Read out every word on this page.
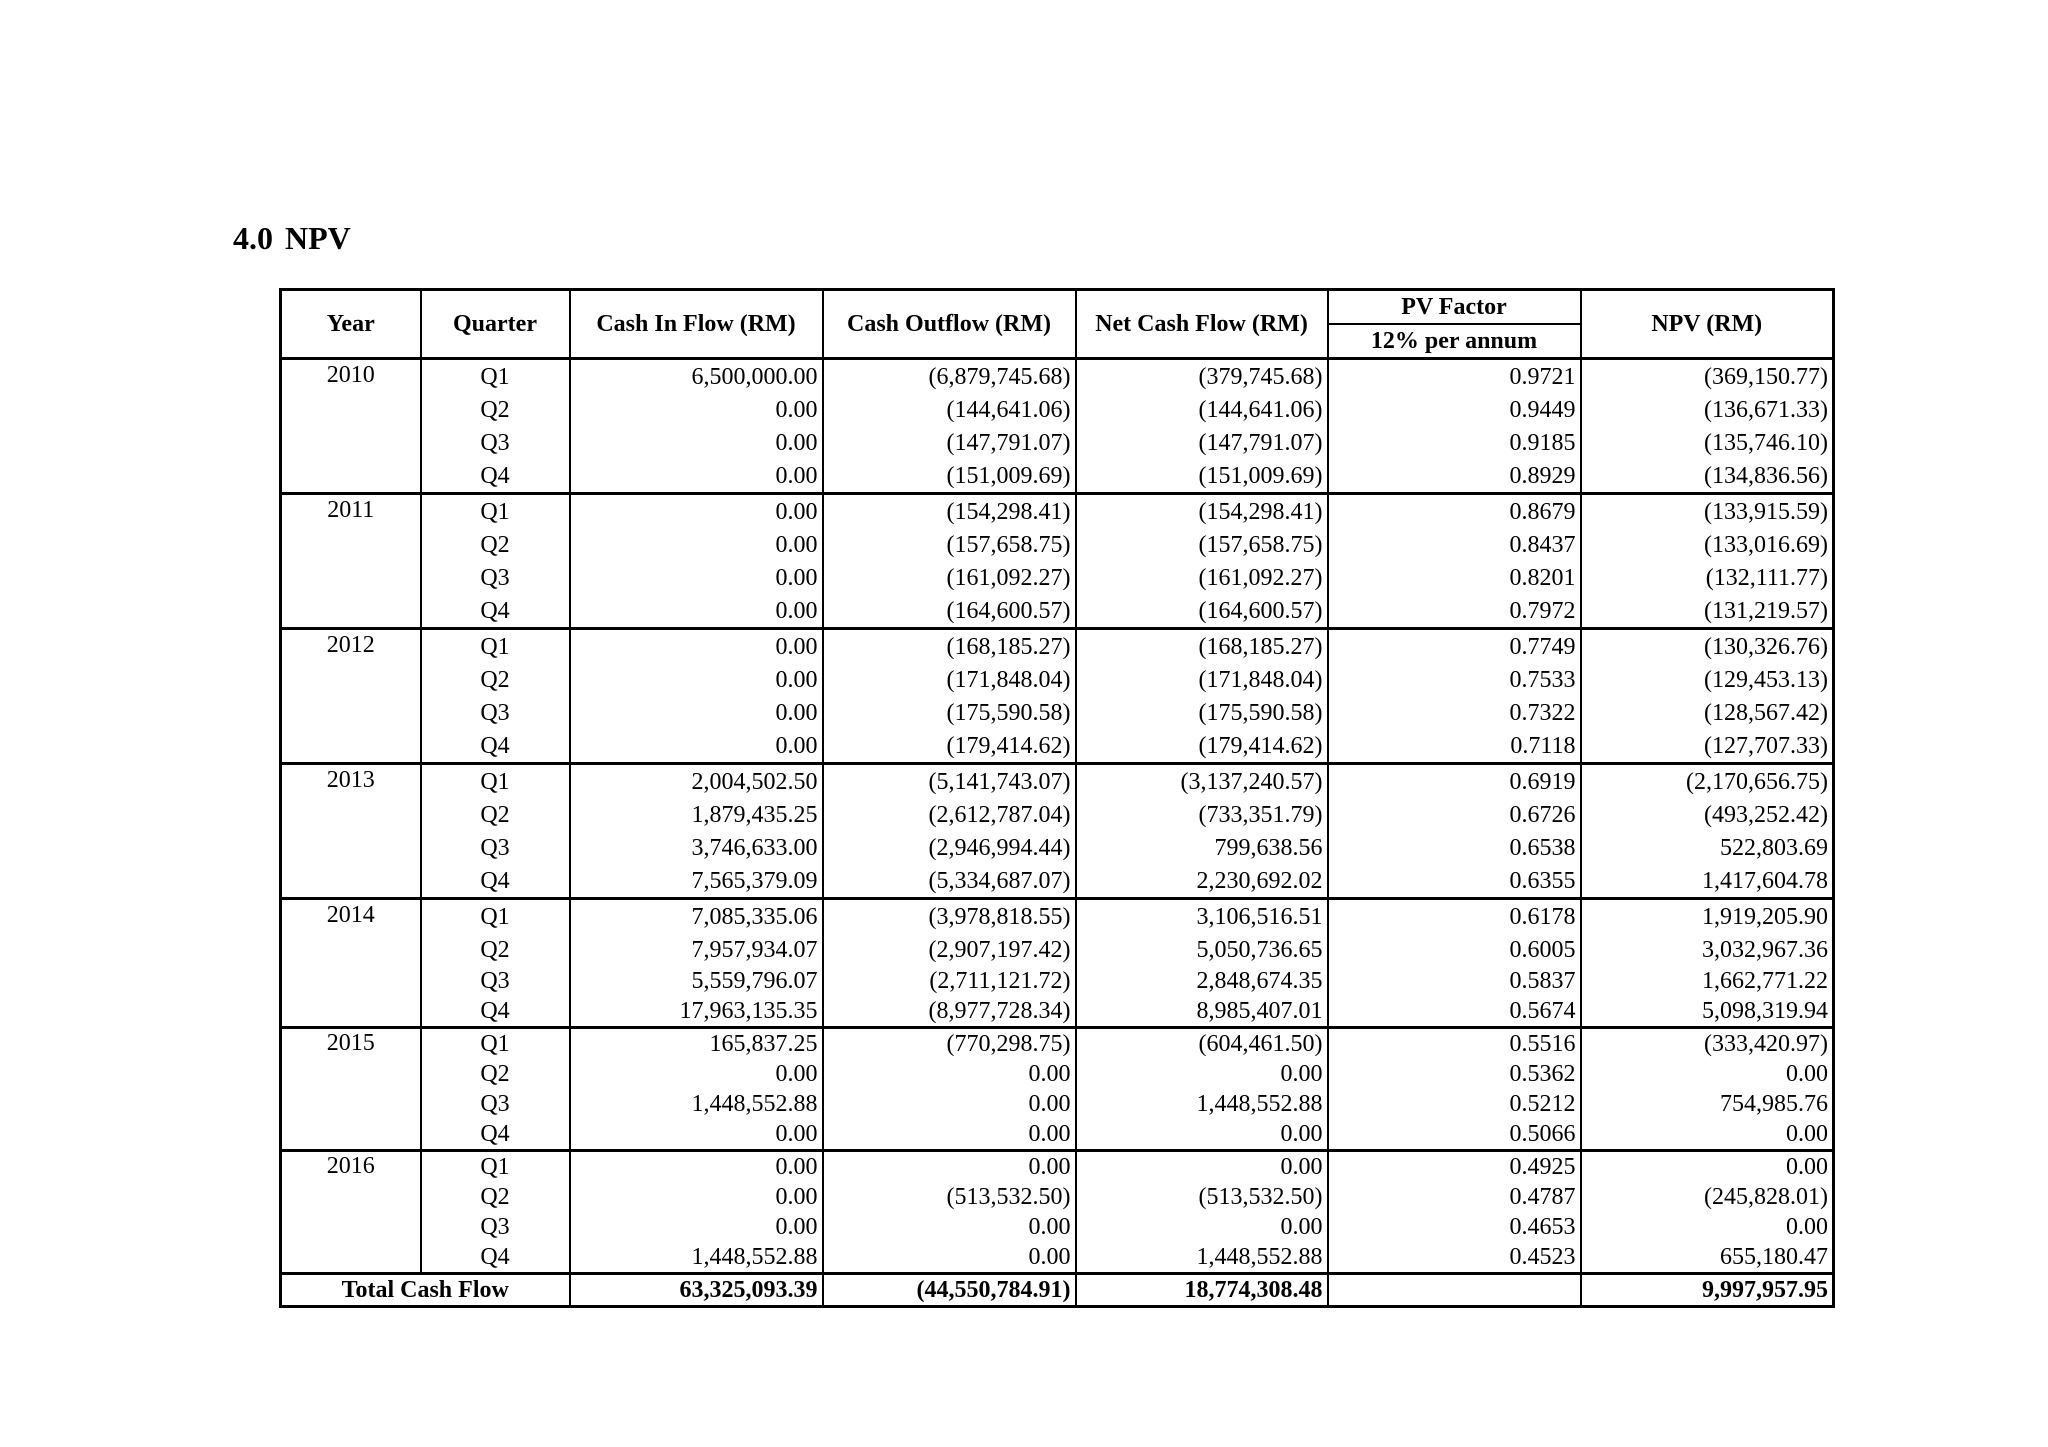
4.0 NPV
Year	Quarter	Cash In Flow (RM)	Cash Outflow (RM)	Net Cash Flow (RM)	PV Factor	NPV (RM)
					12% per annum	
2010	Q1	6,500,000.00	(6,879,745.68)	(379,745.68)	0.9721	(369,150.77)
	Q2	0.00	(144,641.06)	(144,641.06)	0.9449	(136,671.33)
	Q3	0.00	(147,791.07)	(147,791.07)	0.9185	(135,746.10)
	Q4	0.00	(151,009.69)	(151,009.69)	0.8929	(134,836.56)
2011	Q1	0.00	(154,298.41)	(154,298.41)	0.8679	(133,915.59)
	Q2	0.00	(157,658.75)	(157,658.75)	0.8437	(133,016.69)
	Q3	0.00	(161,092.27)	(161,092.27)	0.8201	(132,111.77)
	Q4	0.00	(164,600.57)	(164,600.57)	0.7972	(131,219.57)
2012	Q1	0.00	(168,185.27)	(168,185.27)	0.7749	(130,326.76)
	Q2	0.00	(171,848.04)	(171,848.04)	0.7533	(129,453.13)
	Q3	0.00	(175,590.58)	(175,590.58)	0.7322	(128,567.42)
	Q4	0.00	(179,414.62)	(179,414.62)	0.7118	(127,707.33)
2013	Q1	2,004,502.50	(5,141,743.07)	(3,137,240.57)	0.6919	(2,170,656.75)
	Q2	1,879,435.25	(2,612,787.04)	(733,351.79)	0.6726	(493,252.42)
	Q3	3,746,633.00	(2,946,994.44)	799,638.56	0.6538	522,803.69
	Q4	7,565,379.09	(5,334,687.07)	2,230,692.02	0.6355	1,417,604.78
2014	Q1	7,085,335.06	(3,978,818.55)	3,106,516.51	0.6178	1,919,205.90
	Q2	7,957,934.07	(2,907,197.42)	5,050,736.65	0.6005	3,032,967.36
	Q3	5,559,796.07	(2,711,121.72)	2,848,674.35	0.5837	1,662,771.22
	Q4	17,963,135.35	(8,977,728.34)	8,985,407.01	0.5674	5,098,319.94
2015	Q1	165,837.25	(770,298.75)	(604,461.50)	0.5516	(333,420.97)
	Q2	0.00	0.00	0.00	0.5362	0.00
	Q3	1,448,552.88	0.00	1,448,552.88	0.5212	754,985.76
	Q4	0.00	0.00	0.00	0.5066	0.00
2016	Q1	0.00	0.00	0.00	0.4925	0.00
	Q2	0.00	(513,532.50)	(513,532.50)	0.4787	(245,828.01)
	Q3	0.00	0.00	0.00	0.4653	0.00
	Q4	1,448,552.88	0.00	1,448,552.88	0.4523	655,180.47
Total Cash Flow		63,325,093.39	(44,550,784.91)	18,774,308.48		9,997,957.95
